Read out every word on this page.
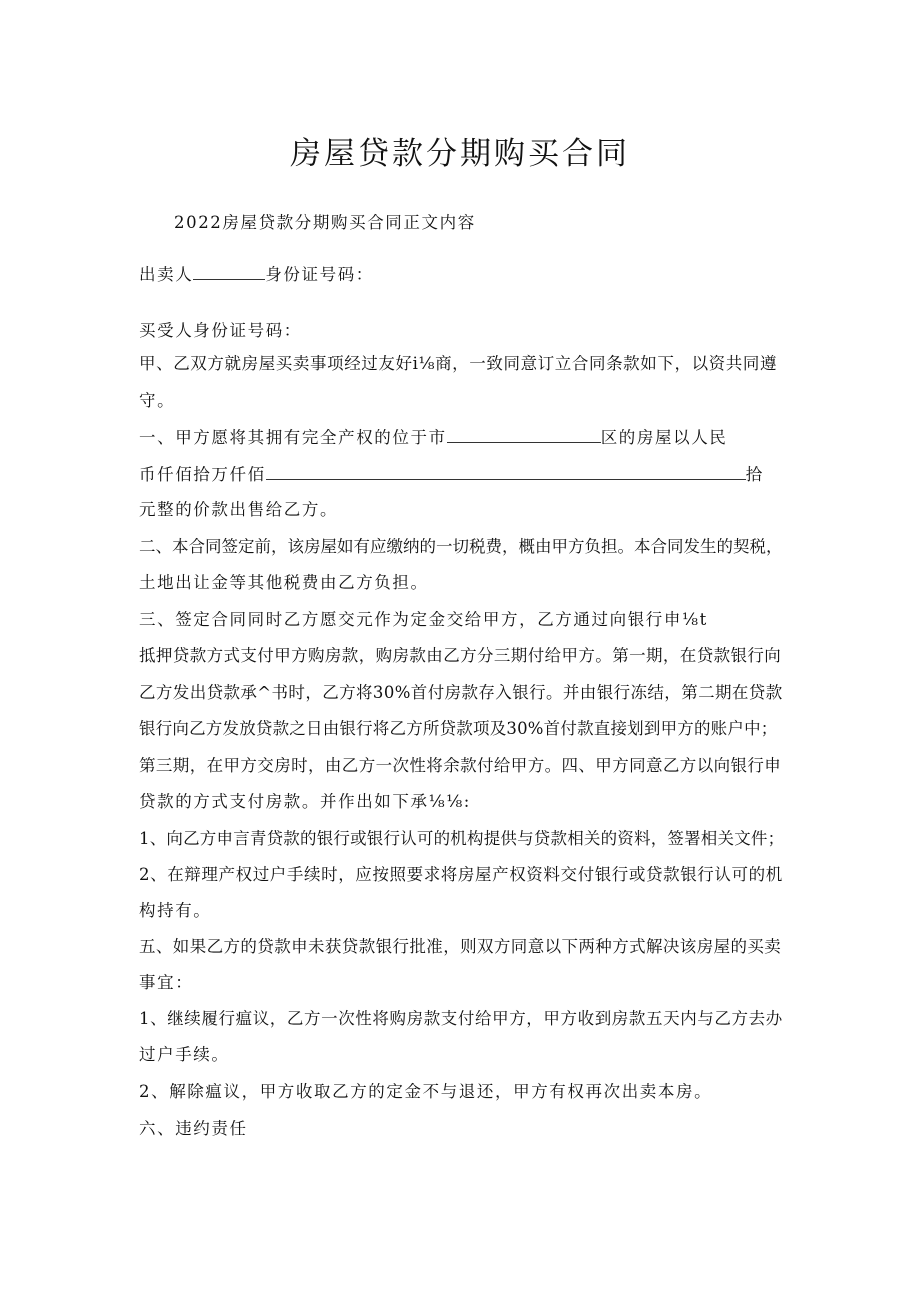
房屋贷款分期购买合同
2022房屋贷款分期购买合同正文内容
出卖人	身份证号码：
买受人身份证号码：
甲、乙双方就房屋买卖事项经过友好i⅛商，一致同意订立合同条款如下，以资共同遵
守。
一、甲方愿将其拥有完全产权的位于市	区的房屋以人民
币仟佰拾万仟佰	拾
元整的价款出售给乙方。
二、本合同签定前，该房屋如有应缴纳的一切税费，概由甲方负担。本合同发生的契税，
土地出让金等其他税费由乙方负担。
三、签定合同同时乙方愿交元作为定金交给甲方，乙方通过向银行申⅛t
抵押贷款方式支付甲方购房款，购房款由乙方分三期付给甲方。第一期，在贷款银行向
乙方发出贷款承^书时，乙方将30%首付房款存入银行。并由银行冻结，第二期在贷款
银行向乙方发放贷款之日由银行将乙方所贷款项及30%首付款直接划到甲方的账户中；
第三期，在甲方交房时，由乙方一次性将余款付给甲方。四、甲方同意乙方以向银行申
贷款的方式支付房款。并作出如下承⅛⅛:
1、向乙方申言青贷款的银行或银行认可的机构提供与贷款相关的资料，签署相关文件；
2、在辩理产权过户手续时，应按照要求将房屋产权资料交付银行或贷款银行认可的机
构持有。
五、如果乙方的贷款申未获贷款银行批准，则双方同意以下两种方式解决该房屋的买卖
事宜：
1、继续履行瘟议，乙方一次性将购房款支付给甲方，甲方收到房款五天内与乙方去办
过户手续。
2、解除瘟议，甲方收取乙方的定金不与退还，甲方有权再次出卖本房。
六、违约责任
